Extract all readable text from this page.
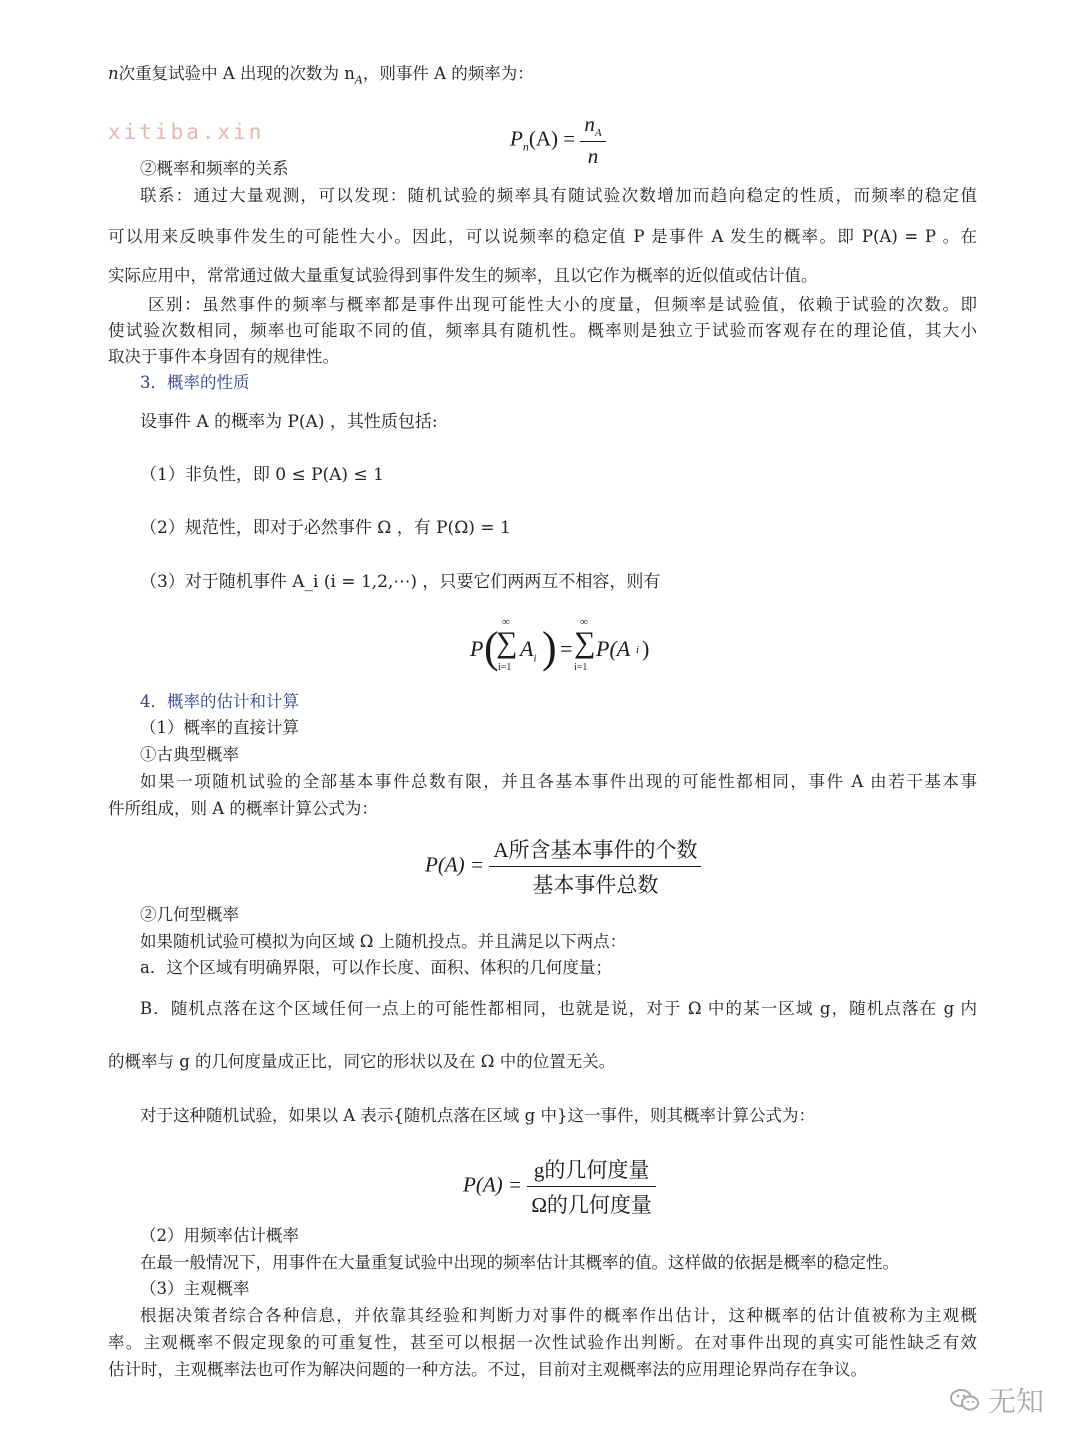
xitiba.xin
n次重复试验中 A 出现的次数为 $n_A$，则事件 A 的频率为：
$P_n(A) = \frac{n_A}{n}$
②概率和频率的关系
联系：通过大量观测，可以发现：随机试验的频率具有随试验次数增加而趋向稳定的性质，而频率的稳定值
可以用来反映事件发生的可能性大小。因此，可以说频率的稳定值 P 是事件 A 发生的概率。即 P(A) = P 。在
实际应用中，常常通过做大量重复试验得到事件发生的频率，且以它作为概率的近似值或估计值。
区别：虽然事件的频率与概率都是事件出现可能性大小的度量，但频率是试验值，依赖于试验的次数。即
使试验次数相同，频率也可能取不同的值，频率具有随机性。概率则是独立于试验而客观存在的理论值，其大小
取决于事件本身固有的规律性。
3．概率的性质
设事件 A 的概率为 P(A) ，其性质包括:
（1）非负性，即 0 ≤ P(A) ≤ 1
（2）规范性，即对于必然事件 Ω ，有 P(Ω) = 1
（3）对于随机事件 A_i (i = 1,2,⋯) ，只要它们两两互不相容，则有
P (
∞
∑
i=1
$A_i$ ) =
∞
∑
i=1
P(A i )
4．概率的估计和计算
（1）概率的直接计算
①古典型概率
如果一项随机试验的全部基本事件总数有限，并且各基本事件出现的可能性都相同，事件 A 由若干基本事
件所组成，则 A 的概率计算公式为：
$P(A) = \frac{\text{A所含基本事件的个数}}{\text{基本事件总数}}$
②几何型概率
如果随机试验可模拟为向区域 Ω 上随机投点。并且满足以下两点：
a．这个区域有明确界限，可以作长度、面积、体积的几何度量；
B．随机点落在这个区域任何一点上的可能性都相同，也就是说，对于 Ω 中的某一区域 g，随机点落在 g 内
的概率与 g 的几何度量成正比，同它的形状以及在 Ω 中的位置无关。
对于这种随机试验，如果以 A 表示{随机点落在区域 g 中}这一事件，则其概率计算公式为：
$P(A) = \frac{\text{g的几何度量}}{\text{Ω的几何度量}}$
（2）用频率估计概率
在最一般情况下，用事件在大量重复试验中出现的频率估计其概率的值。这样做的依据是概率的稳定性。
（3）主观概率
根据决策者综合各种信息，并依靠其经验和判断力对事件的概率作出估计，这种概率的估计值被称为主观概
率。主观概率不假定现象的可重复性，甚至可以根据一次性试验作出判断。在对事件出现的真实可能性缺乏有效
估计时，主观概率法也可作为解决问题的一种方法。不过，目前对主观概率法的应用理论界尚存在争议。
无知
